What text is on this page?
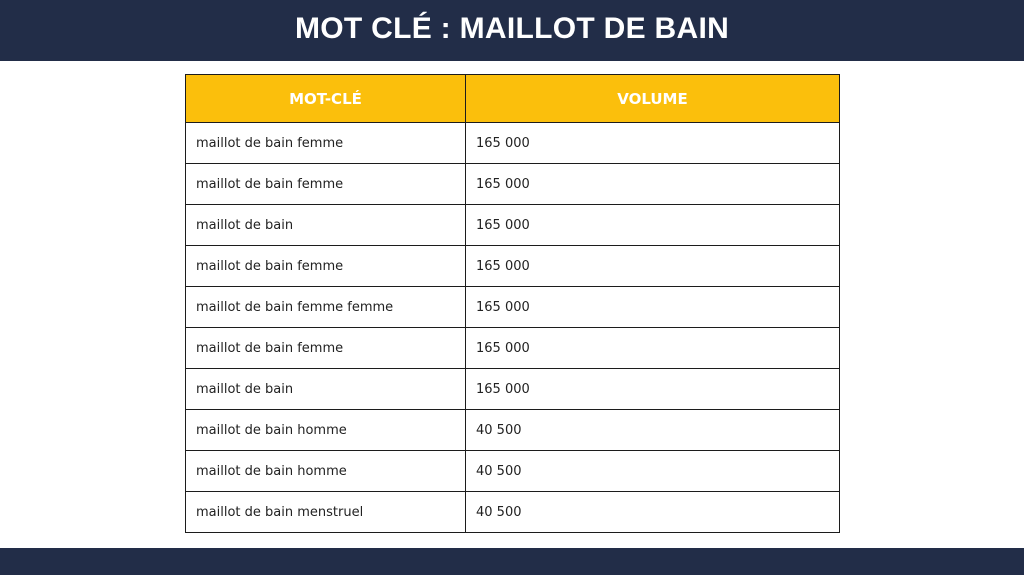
MOT CLÉ : MAILLOT DE BAIN
MOT-CLÉ	VOLUME
maillot de bain femme	165 000
maillot de bain femme	165 000
maillot de bain	165 000
maillot de bain femme	165 000
maillot de bain femme femme	165 000
maillot de bain femme	165 000
maillot de bain	165 000
maillot de bain homme	40 500
maillot de bain homme	40 500
maillot de bain menstruel	40 500
